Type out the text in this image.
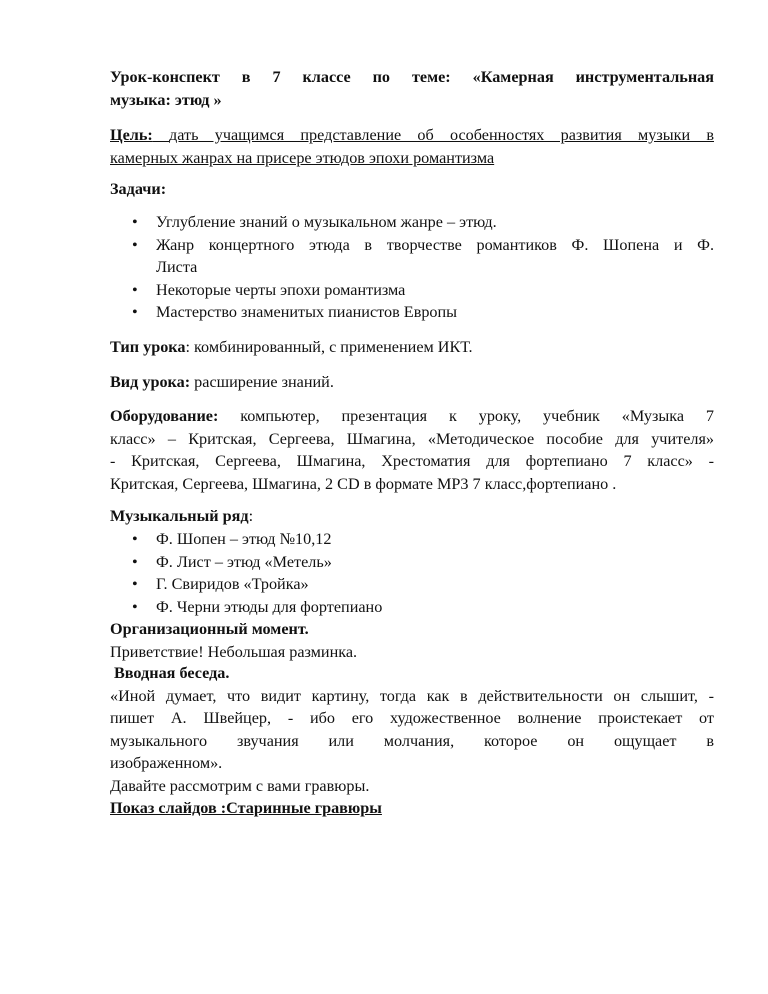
Урок-конспект в 7 классе по теме: «Камерная инструментальная
музыка: этюд »
Цель: дать учащимся представление об особенностях развития музыки в
камерных жанрах на присере этюдов эпохи романтизма
Задачи:
• Углубление знаний о музыкальном жанре – этюд.
• Жанр концертного этюда в творчестве романтиков Ф. Шопена и Ф.
Листа
• Некоторые черты эпохи романтизма
• Мастерство знаменитых пианистов Европы
Тип урока: комбинированный, с применением ИКТ.
Вид урока: расширение знаний.
Оборудование: компьютер, презентация к уроку, учебник «Музыка 7
класс» – Критская, Сергеева, Шмагина, «Методическое пособие для учителя»
- Критская, Сергеева, Шмагина, Хрестоматия для фортепиано 7 класс» -
Критская, Сергеева, Шмагина, 2 CD в формате MP3 7 класс,фортепиано .
Музыкальный ряд:
• Ф. Шопен – этюд №10,12
• Ф. Лист – этюд «Метель»
• Г. Свиридов «Тройка»
• Ф. Черни этюды для фортепиано
Организационный момент.
Приветствие! Небольшая разминка.
Вводная беседа.
«Иной думает, что видит картину, тогда как в действительности он слышит, -
пишет А. Швейцер, - ибо его художественное волнение проистекает от
музыкального звучания или молчания, которое он ощущает в
изображенном».
Давайте рассмотрим с вами гравюры.
Показ слайдов :Старинные гравюры
